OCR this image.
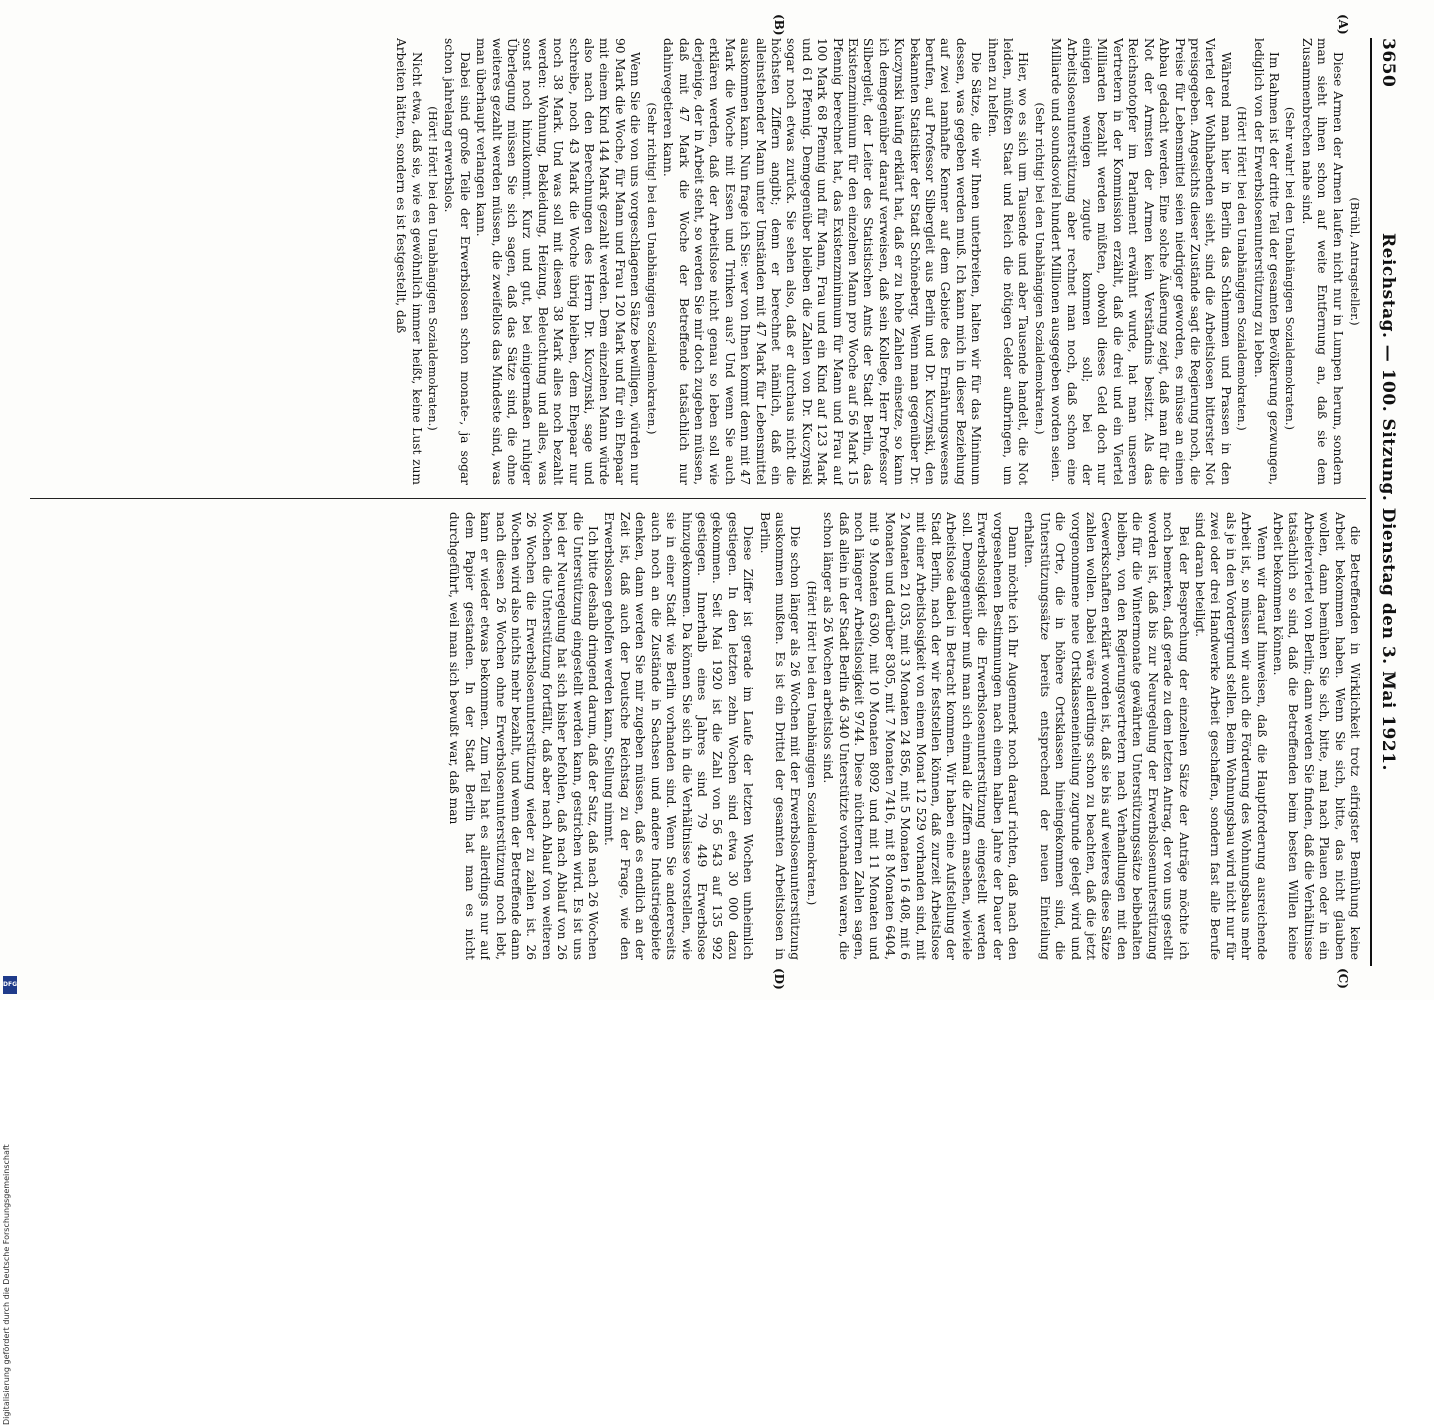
3650
Reichstag. — 100. Sitzung. Dienstag den 3. Mai 1921.
(A)
(B)
(C)
(D)

(Brühl, Antragsteller.)

Diese Armen der Armen laufen nicht nur in Lumpen herum, sondern man sieht ihnen schon auf weite Entfernung an, daß sie dem Zusammenbrechen nahe sind.

(Sehr wahr! bei den Unabhängigen Sozialdemokraten.)

Im Rahmen ist der dritte Teil der gesamten Bevölkerung gezwungen, lediglich von der Erwerbslosenunterstützung zu leben.

(Hört! Hört! bei den Unabhängigen Sozialdemokraten.)

Während man hier in Berlin das Schlemmen und Prassen in den Viertel der Wohlhabenden sieht, sind die Arbeitslosen bitterster Not preisgegeben. Angesichts dieser Zustände sagt die Regierung noch, die Preise für Lebensmittel seien niedriger geworden, es müsse an einen Abbau gedacht werden. Eine solche Äußerung zeigt, daß man für die Not der Armsten der Armen kein Verständnis besitzt. Als das Reichsnotopfer im Parlament erwähnt wurde, hat man unseren Vertretern in der Kommission erzählt, daß die drei und ein Viertel Milliarden bezahlt werden müßten, obwohl dieses Geld doch nur einigen wenigen zugute kommen soll; bei der Arbeitslosenunterstützung aber rechnet man noch, daß schon eine Milliarde und soundsoviel hundert Millionen ausgegeben worden seien.

(Sehr richtig! bei den Unabhängigen Sozialdemokraten.)

Hier, wo es sich um Tausende und aber Tausende handelt, die Not leiden, müßten Staat und Reich die nötigen Gelder aufbringen, um ihnen zu helfen.

Die Sätze, die wir Ihnen unterbreiten, halten wir für das Minimum dessen, was gegeben werden muß. Ich kann mich in dieser Beziehung auf zwei namhafte Kenner auf dem Gebiete des Ernährungswesens berufen, auf Professor Silbergleit aus Berlin und Dr. Kuczynski, den bekannten Statistiker der Stadt Schöneberg. Wenn man gegenüber Dr. Kuczynski häufig erklärt hat, daß er zu hohe Zahlen einsetze, so kann ich demgegenüber darauf verweisen, daß sein Kollege, Herr Professor Silbergleit, der Leiter des Statistischen Amts der Stadt Berlin, das Existenzminimum für den einzelnen Mann pro Woche auf 56 Mark 15 Pfennig berechnet hat, das Existenzminimum für Mann und Frau auf 100 Mark 68 Pfennig und für Mann, Frau und ein Kind auf 123 Mark und 61 Pfennig. Demgegenüber bleiben die Zahlen von Dr. Kuczynski sogar noch etwas zurück. Sie sehen also, daß er durchaus nicht die höchsten Ziffern angibt; denn er berechnet nämlich, daß ein alleinstehender Mann unter Umständen mit 47 Mark für Lebensmittel auskommen kann. Nun frage ich Sie: wer von Ihnen kommt denn mit 47 Mark die Woche mit Essen und Trinken aus? Und wenn Sie auch erklären werden, daß der Arbeitslose nicht genau so leben soll wie derjenige, der in Arbeit steht, so werden Sie mir doch zugeben müssen, daß mit 47 Mark die Woche der Betreffende tatsächlich nur dahinvegetieren kann.

(Sehr richtig! bei den Unabhängigen Sozialdemokraten.)

Wenn Sie die von uns vorgeschlagenen Sätze bewilligen, würden nur 90 Mark die Woche, für Mann und Frau 120 Mark und für ein Ehepaar mit einem Kind 144 Mark gezahlt werden. Dem einzelnen Mann würde also nach den Berechnungen des Herrn Dr. Kuczynski, sage und schreibe, noch 43 Mark die Woche übrig bleiben, dem Ehepaar nur noch 38 Mark. Und was soll mit diesen 38 Mark alles noch bezahlt werden: Wohnung, Bekleidung, Heizung, Beleuchtung und alles, was sonst noch hinzukommt. Kurz und gut, bei einigermaßen ruhiger Überlegung müssen Sie sich sagen, daß das Sätze sind, die ohne weiteres gezahlt werden müssen, die zweifellos das Mindeste sind, was man überhaupt verlangen kann.

Dabei sind große Teile der Erwerbslosen schon monate-, ja sogar schon jahrelang erwerbslos.

(Hört! Hört! bei den Unabhängigen Sozialdemokraten.)

Nicht etwa, daß sie, wie es gewöhnlich immer heißt, keine Lust zum Arbeiten hätten, sondern es ist festgestellt, daß

die Betreffenden in Wirklichkeit trotz eifrigster Bemühung keine Arbeit bekommen haben. Wenn Sie sich, bitte, das nicht glauben wollen, dann bemühen Sie sich, bitte, mal nach Plauen oder in ein Arbeiterviertel von Berlin; dann werden Sie finden, daß die Verhältnisse tatsächlich so sind, daß die Betreffenden beim besten Willen keine Arbeit bekommen können.

Wenn wir darauf hinweisen, daß die Hauptforderung ausreichende Arbeit ist, so müssen wir auch die Förderung des Wohnungsbaus mehr als je in den Vordergrund stellen. Beim Wohnungsbau wird nicht nur für zwei oder drei Handwerke Arbeit geschaffen, sondern fast alle Berufe sind daran beteiligt.

Bei der Besprechung der einzelnen Sätze der Anträge möchte ich noch bemerken, daß gerade zu dem letzten Antrag, der von uns gestellt worden ist, daß bis zur Neuregelung der Erwerbslosenunterstützung die für die Wintermonate gewährten Unterstützungssätze beibehalten bleiben, von den Regierungsvertretern nach Verhandlungen mit den Gewerkschaften erklärt worden ist, daß sie bis auf weiteres diese Sätze zahlen wollen. Dabei wäre allerdings schon zu beachten, daß die jetzt vorgenommene neue Ortsklasseneinteilung zugrunde gelegt wird und die Orte, die in höhere Ortsklassen hineingekommen sind, die Unterstützungssätze bereits entsprechend der neuen Einteilung erhalten.

Dann möchte ich Ihr Augenmerk noch darauf richten, daß nach den vorgesehenen Bestimmungen nach einem halben Jahre der Dauer der Erwerbslosigkeit die Erwerbslosenunterstützung eingestellt werden soll. Demgegenüber muß man sich einmal die Ziffern ansehen, wieviele Arbeitslose dabei in Betracht kommen. Wir haben eine Aufstellung der Stadt Berlin, nach der wir feststellen können, daß zurzeit Arbeitslose mit einer Arbeitslosigkeit von einem Monat 12 529 vorhanden sind, mit 2 Monaten 21 035, mit 3 Monaten 24 856, mit 5 Monaten 16 408, mit 6 Monaten und darüber 8305, mit 7 Monaten 7416, mit 8 Monaten 6404, mit 9 Monaten 6300, mit 10 Monaten 8092 und mit 11 Monaten und noch längerer Arbeitslosigkeit 9744. Diese nüchternen Zahlen sagen, daß allein in der Stadt Berlin 46 340 Unterstützte vorhanden waren, die schon länger als 26 Wochen arbeitslos sind.

(Hört! Hört! bei den Unabhängigen Sozialdemokraten.)

Die schon länger als 26 Wochen mit der Erwerbslosenunterstützung auskommen mußten. Es ist ein Drittel der gesamten Arbeitslosen in Berlin.

Diese Ziffer ist gerade im Laufe der letzten Wochen unheimlich gestiegen. In den letzten zehn Wochen sind etwa 30 000 dazu gekommen. Seit Mai 1920 ist die Zahl von 56 543 auf 135 992 gestiegen. Innerhalb eines Jahres sind 79 449 Erwerbslose hinzugekommen. Da können Sie sich in die Verhältnisse vorstellen, wie sie in einer Stadt wie Berlin vorhanden sind. Wenn Sie andererseits auch noch an die Zustände in Sachsen und andere Industriegebiete denken, dann werden Sie mir zugeben müssen, daß es endlich an der Zeit ist, daß auch der Deutsche Reichstag zu der Frage, wie den Erwerbslosen geholfen werden kann, Stellung nimmt.

Ich bitte deshalb dringend darum, daß der Satz, daß nach 26 Wochen die Unterstützung eingestellt werden kann, gestrichen wird. Es ist uns bei der Neuregelung hat sich bisher befohlen, daß nach Ablauf von 26 Wochen die Unterstützung fortfällt, daß aber nach Ablauf von weiteren 26 Wochen die Erwerbslosenunterstützung wieder zu zahlen ist. 26 Wochen wird also nichts mehr bezahlt, und wenn der Betreffende dann nach diesen 26 Wochen ohne Erwerbslosenunterstützung noch lebt, kann er wieder etwas bekommen. Zum Teil hat es allerdings nur auf dem Papier gestanden. In der Stadt Berlin hat man es nicht durchgeführt, weil man sich bewußt war, daß man

Digitalisierung gefördert durch die Deutsche Forschungsgemeinschaft
DFG
